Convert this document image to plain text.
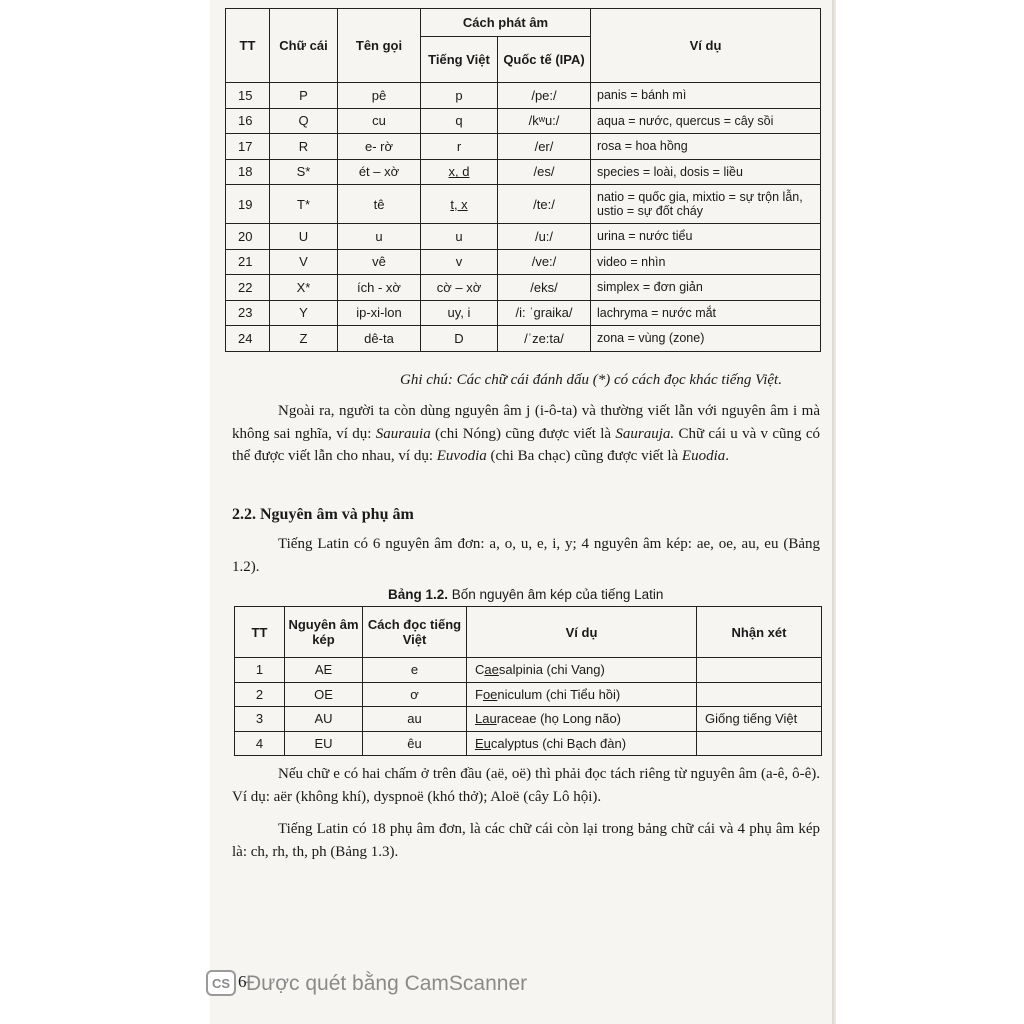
TT	Chữ cái	Tên gọi	Cách phát âm		Ví dụ
			Tiếng Việt	Quốc tế (IPA)	
15	P	pê	p	/pe:/	panis = bánh mì
16	Q	cu	q	/kʷu:/	aqua = nước, quercus = cây sồi
17	R	e- rờ	r	/er/	rosa = hoa hồng
18	S*	ét – xờ	x, d	/es/	species = loài, dosis = liều
19	T*	tê	t, x	/te:/	natio = quốc gia, mixtio = sự trộn lẫn, ustio = sự đốt cháy
20	U	u	u	/u:/	urina = nước tiểu
21	V	vê	v	/ve:/	video = nhìn
22	X*	ích - xờ	cờ – xờ	/eks/	simplex = đơn giản
23	Y	ip-xi-lon	uy, i	/i: ˈgraika/	lachryma = nước mắt
24	Z	dê-ta	D	/ˈze:ta/	zona = vùng (zone)
Ghi chú: Các chữ cái đánh dấu (*) có cách đọc khác tiếng Việt.
Ngoài ra, người ta còn dùng nguyên âm j (i-ô-ta) và thường viết lẫn với nguyên âm i mà không sai nghĩa, ví dụ: Saurauia (chi Nóng) cũng được viết là Saurauja. Chữ cái u và v cũng có thể được viết lẫn cho nhau, ví dụ: Euvodia (chi Ba chạc) cũng được viết là Euodia.
2.2. Nguyên âm và phụ âm
Tiếng Latin có 6 nguyên âm đơn: a, o, u, e, i, y; 4 nguyên âm kép: ae, oe, au, eu (Bảng 1.2).
Bảng 1.2. Bốn nguyên âm kép của tiếng Latin
TT	Nguyên âm kép	Cách đọc tiếng Việt	Ví dụ	Nhận xét
1	AE	e	Caesalpinia (chi Vang)	
2	OE	ơ	Foeniculum (chi Tiểu hồi)	
3	AU	au	Lauraceae (họ Long não)	Giống tiếng Việt
4	EU	êu	Eucalyptus (chi Bạch đàn)	
Nếu chữ e có hai chấm ở trên đầu (aë, oë) thì phải đọc tách riêng từ nguyên âm (a-ê, ô-ê). Ví dụ: aër (không khí), dyspnoë (khó thở); Aloë (cây Lô hội).
Tiếng Latin có 18 phụ âm đơn, là các chữ cái còn lại trong bảng chữ cái và 4 phụ âm kép là: ch, rh, th, ph (Bảng 1.3).
CS 6 Được quét bằng CamScanner
